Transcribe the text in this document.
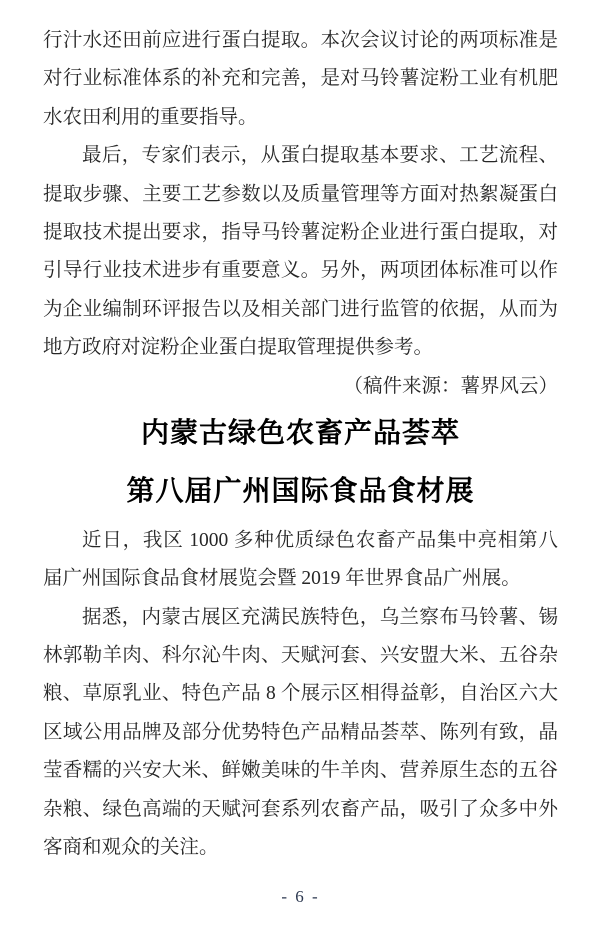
行汁水还田前应进行蛋白提取。本次会议讨论的两项标准是
对行业标准体系的补充和完善，是对马铃薯淀粉工业有机肥
水农田利用的重要指导。
最后，专家们表示，从蛋白提取基本要求、工艺流程、
提取步骤、主要工艺参数以及质量管理等方面对热絮凝蛋白
提取技术提出要求，指导马铃薯淀粉企业进行蛋白提取，对
引导行业技术进步有重要意义。另外，两项团体标准可以作
为企业编制环评报告以及相关部门进行监管的依据，从而为
地方政府对淀粉企业蛋白提取管理提供参考。
（稿件来源：薯界风云）
内蒙古绿色农畜产品荟萃
第八届广州国际食品食材展
近日，我区 1000 多种优质绿色农畜产品集中亮相第八
届广州国际食品食材展览会暨 2019 年世界食品广州展。
据悉，内蒙古展区充满民族特色，乌兰察布马铃薯、锡
林郭勒羊肉、科尔沁牛肉、天赋河套、兴安盟大米、五谷杂
粮、草原乳业、特色产品 8 个展示区相得益彰，自治区六大
区域公用品牌及部分优势特色产品精品荟萃、陈列有致，晶
莹香糯的兴安大米、鲜嫩美味的牛羊肉、营养原生态的五谷
杂粮、绿色高端的天赋河套系列农畜产品，吸引了众多中外
客商和观众的关注。
- 6 -
